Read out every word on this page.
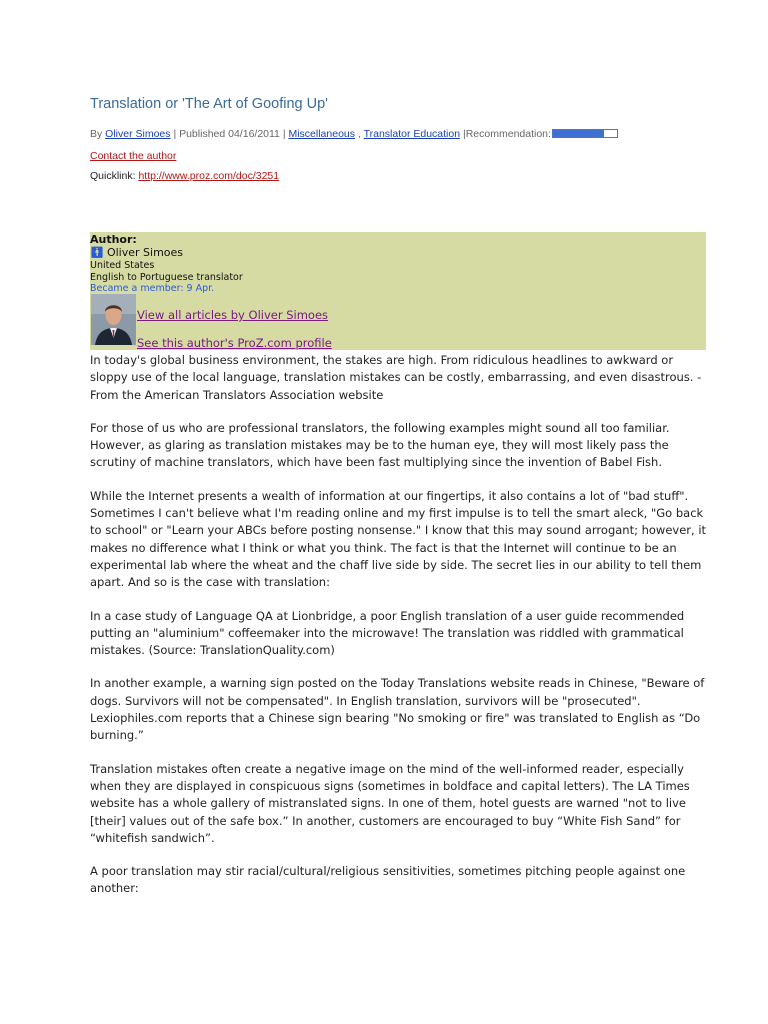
Translation or 'The Art of Goofing Up'
By Oliver Simoes | Published 04/16/2011 | Miscellaneous , Translator Education |Recommendation:
Contact the author
Quicklink: http://www.proz.com/doc/3251
Author:
🚹︎ Oliver Simoes
United States
English to Portuguese translator
Became a member: 9 Apr.
View all articles by Oliver Simoes
See this author's ProZ.com profile

In today's global business environment, the stakes are high. From ridiculous headlines to awkward or sloppy use of the local language, translation mistakes can be costly, embarrassing, and even disastrous. - From the American Translators Association website

For those of us who are professional translators, the following examples might sound all too familiar. However, as glaring as translation mistakes may be to the human eye, they will most likely pass the scrutiny of machine translators, which have been fast multiplying since the invention of Babel Fish.

While the Internet presents a wealth of information at our fingertips, it also contains a lot of "bad stuff". Sometimes I can't believe what I'm reading online and my first impulse is to tell the smart aleck, "Go back to school" or "Learn your ABCs before posting nonsense." I know that this may sound arrogant; however, it makes no difference what I think or what you think. The fact is that the Internet will continue to be an experimental lab where the wheat and the chaff live side by side. The secret lies in our ability to tell them apart. And so is the case with translation:

In a case study of Language QA at Lionbridge, a poor English translation of a user guide recommended putting an "aluminium" coffeemaker into the microwave! The translation was riddled with grammatical mistakes. (Source: TranslationQuality.com)

In another example, a warning sign posted on the Today Translations website reads in Chinese, "Beware of dogs. Survivors will not be compensated". In English translation, survivors will be "prosecuted". Lexiophiles.com reports that a Chinese sign bearing "No smoking or fire" was translated to English as “Do burning.”

Translation mistakes often create a negative image on the mind of the well-informed reader, especially when they are displayed in conspicuous signs (sometimes in boldface and capital letters). The LA Times website has a whole gallery of mistranslated signs. In one of them, hotel guests are warned "not to live [their] values out of the safe box.” In another, customers are encouraged to buy “White Fish Sand” for “whitefish sandwich”.

A poor translation may stir racial/cultural/religious sensitivities, sometimes pitching people against one another:
